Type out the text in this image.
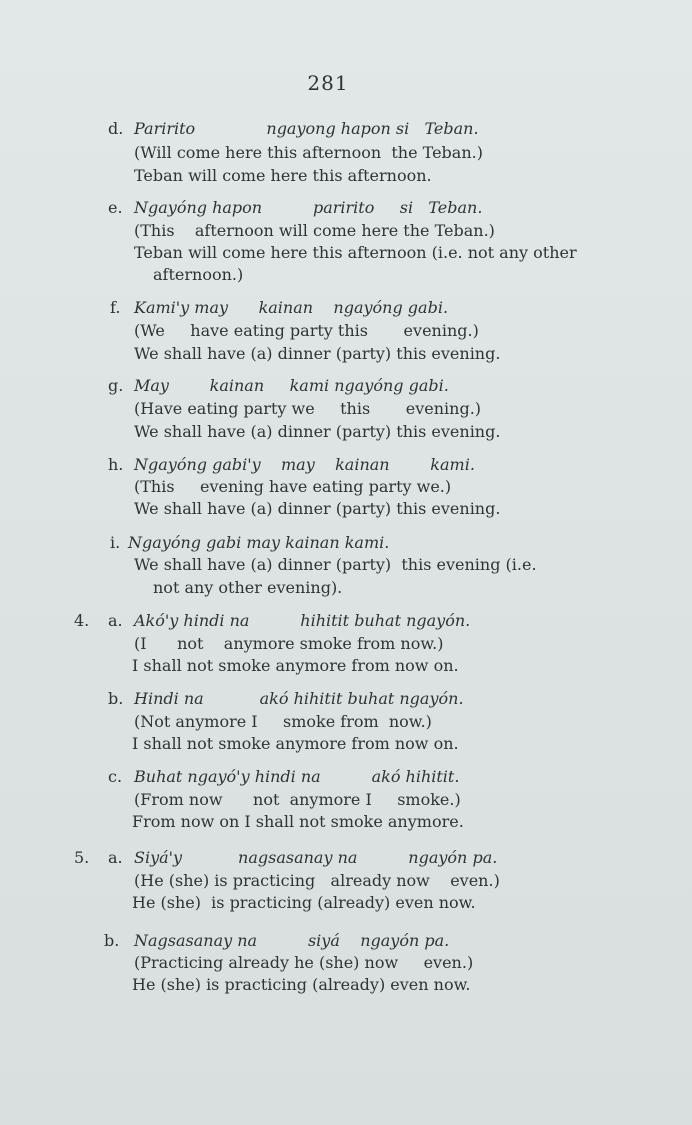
281
d. Paririto              ngayong hapon si   Teban.
(Will come here this afternoon  the Teban.)
Teban will come here this afternoon.
e. Ngayóng hapon          paririto     si   Teban.
(This    afternoon will come here the Teban.)
Teban will come here this afternoon (i.e. not any other
afternoon.)
f. Kami'y may      kainan    ngayóng gabi.
(We     have eating party this       evening.)
We shall have (a) dinner (party) this evening.
g. May        kainan     kami ngayóng gabi.
(Have eating party we     this       evening.)
We shall have (a) dinner (party) this evening.
h. Ngayóng gabi'y    may    kainan        kami.
(This     evening have eating party we.)
We shall have (a) dinner (party) this evening.
i. Ngayóng gabi may kainan kami.
We shall have (a) dinner (party)  this evening (i.e.
not any other evening).
4. a. Akó'y hindi na          hihitit buhat ngayón.
(I      not    anymore smoke from now.)
I shall not smoke anymore from now on.
b. Hindi na           akó hihitit buhat ngayón.
(Not anymore I     smoke from  now.)
I shall not smoke anymore from now on.
c. Buhat ngayó'y hindi na          akó hihitit.
(From now      not  anymore I     smoke.)
From now on I shall not smoke anymore.
5. a. Siyá'y           nagsasanay na          ngayón pa.
(He (she) is practicing   already now    even.)
He (she)  is practicing (already) even now.
b. Nagsasanay na          siyá    ngayón pa.
(Practicing already he (she) now     even.)
He (she) is practicing (already) even now.
